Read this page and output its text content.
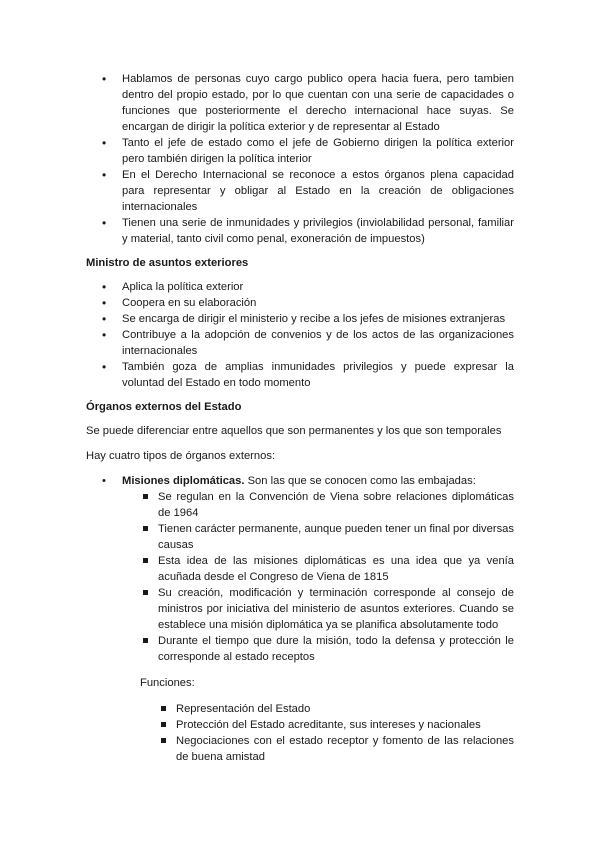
• Hablamos de personas cuyo cargo publico opera hacia fuera, pero tambien dentro del propio estado, por lo que cuentan con una serie de capacidades o funciones que posteriormente el derecho internacional hace suyas. Se encargan de dirigir la política exterior y de representar al Estado
• Tanto el jefe de estado como el jefe de Gobierno dirigen la política exterior pero también dirigen la política interior
• En el Derecho Internacional se reconoce a estos órganos plena capacidad para representar y obligar al Estado en la creación de obligaciones internacionales
• Tienen una serie de inmunidades y privilegios (inviolabilidad personal, familiar y material, tanto civil como penal, exoneración de impuestos)
Ministro de asuntos exteriores
• Aplica la política exterior
• Coopera en su elaboración
• Se encarga de dirigir el ministerio y recibe a los jefes de misiones extranjeras
• Contribuye a la adopción de convenios y de los actos de las organizaciones internacionales
• También goza de amplias inmunidades privilegios y puede expresar la voluntad del Estado en todo momento
Órganos externos del Estado

Se puede diferenciar entre aquellos que son permanentes y los que son temporales

Hay cuatro tipos de órganos externos:

• Misiones diplomáticas. Son las que se conocen como las embajadas:
Se regulan en la Convención de Viena sobre relaciones diplomáticas de 1964
Tienen carácter permanente, aunque pueden tener un final por diversas causas
Esta idea de las misiones diplomáticas es una idea que ya venía acuñada desde el Congreso de Viena de 1815
Su creación, modificación y terminación corresponde al consejo de ministros por iniciativa del ministerio de asuntos exteriores. Cuando se establece una misión diplomática ya se planifica absolutamente todo
Durante el tiempo que dure la misión, todo la defensa y protección le corresponde al estado receptos
Funciones:
Representación del Estado
Protección del Estado acreditante, sus intereses y nacionales
Negociaciones con el estado receptor y fomento de las relaciones de buena amistad
